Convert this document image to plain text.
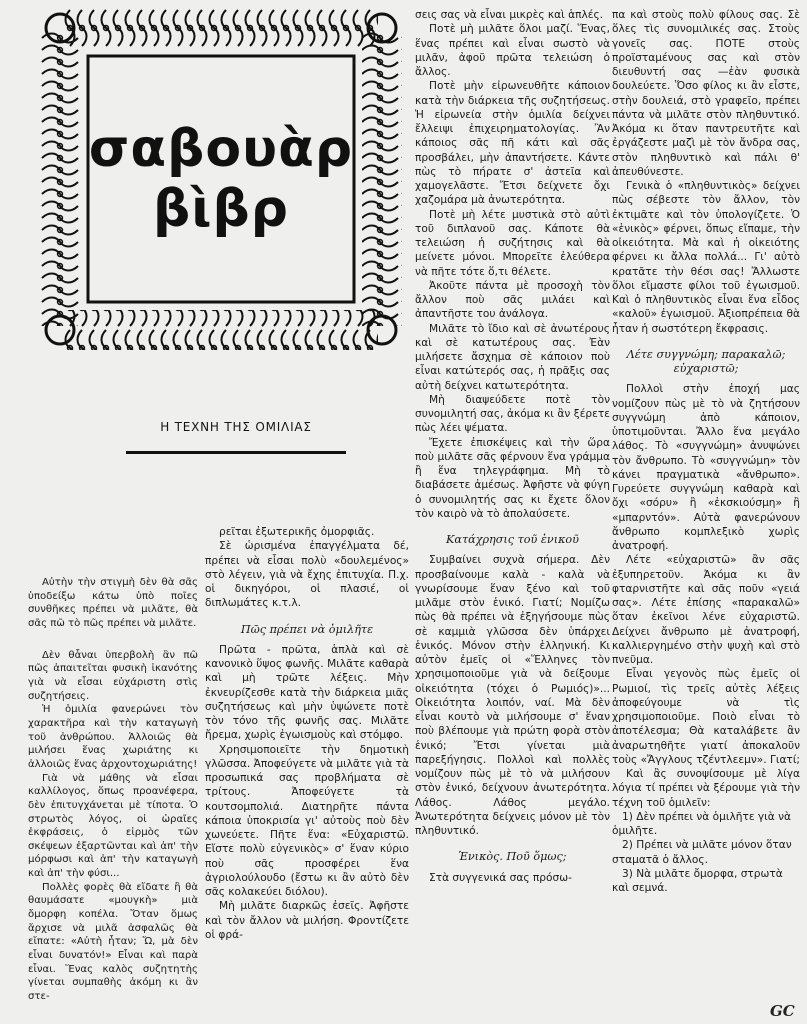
σαβουὰρ
βὶβρ
Η ΤΕΧΝΗ ΤΗΣ ΟΜΙΛΙΑΣ

Αὐτὴν τὴν στιγμὴ δὲν θὰ σᾶς ὑποδείξω κάτω ὑπὸ ποῖες συνθῆκες πρέπει νὰ μιλᾶτε, θὰ σᾶς πῶ τὸ πῶς πρέπει νὰ μιλᾶτε.

Δὲν θἆναι ὑπερβολὴ ἂν πῶ πῶς ἀπαιτεῖται φυσικὴ ἱκανότης γιὰ νὰ εἶσαι εὐχάριστη στὶς συζητήσεις.

Ἡ ὁμιλία φανερώνει τὸν χαρακτῆρα καὶ τὴν καταγωγὴ τοῦ ἀνθρώπου. Ἀλλοιῶς θὰ μιλήσει ἕνας χωριάτης κι ἀλλοιῶς ἕνας ἀρχοντοχωριάτης!

Γιὰ νὰ μάθης νὰ εἶσαι καλλίλογος, ὅπως προανέφερα, δὲν ἐπιτυγχάνεται μὲ τίποτα. Ὁ στρωτὸς λόγος, οἱ ὡραῖες ἐκφράσεις, ὁ εἱρμὸς τῶν σκέψεων ἐξαρτῶνται καὶ ἀπ' τὴν μόρφωσι καὶ ἀπ' τὴν καταγωγὴ καὶ ἀπ' τὴν φύσι...

Πολλὲς φορὲς θὰ εἴδατε ἢ θὰ θαυμάσατε «μουγκὴ» μιὰ ὄμορφη κοπέλα. Ὅταν ὅμως ἄρχισε νὰ μιλᾶ ἀσφαλῶς θὰ εἴπατε: «Αὐτὴ ἦταν; Ὤ, μὰ δὲν εἶναι δυνατόν!» Εἶναι καὶ παρὰ εἶναι. Ἕνας καλὸς συζητητὴς γίνεται συμπαθὴς ἀκόμη κι ἂν στε-

ρεῖται ἐξωτερικῆς ὀμορφιᾶς.

Σὲ ὡρισμένα ἐπαγγέλματα δέ, πρέπει νὰ εἶσαι πολὺ «δουλεμένος» στὸ λέγειν, γιὰ νὰ ἔχης ἐπιτυχία. Π.χ. οἱ δικηγόροι, οἱ πλασιέ, οἱ διπλωμάτες κ.τ.λ.

Πῶς πρέπει νὰ ὁμιλῆτε

Πρῶτα - πρῶτα, ἁπλὰ καὶ σὲ κανονικὸ ὕψος φωνῆς. Μιλᾶτε καθαρὰ καὶ μὴ τρῶτε λέξεις. Μὴν ἐκνευρίζεσθε κατὰ τὴν διάρκεια μιᾶς συζητήσεως καὶ μὴν ὑψώνετε ποτὲ τὸν τόνο τῆς φωνῆς σας. Μιλᾶτε ἤρεμα, χωρὶς ἐγωισμοὺς καὶ στόμφο.

Χρησιμοποιεῖτε τὴν δημοτικὴ γλῶσσα. Ἀποφεύγετε νὰ μιλᾶτε γιὰ τὰ προσωπικά σας προβλήματα σὲ τρίτους. Ἀποφεύγετε τὰ κουτσομπολιά. Διατηρῆτε πάντα κάποια ὑποκρισία γι' αὐτοὺς ποὺ δὲν χωνεύετε. Πῆτε ἕνα: «Εὐχαριστῶ. Εἴστε πολὺ εὐγενικὸς» σ' ἕναν κύριο ποὺ σᾶς προσφέρει ἕνα ἀγριολούλουδο (ἔστω κι ἂν αὐτὸ δὲν σᾶς κολακεύει διόλου).

Μὴ μιλᾶτε διαρκῶς ἐσεῖς. Ἀφῆστε καὶ τὸν ἄλλον νὰ μιλήση. Φροντίζετε οἱ φρά-

σεις σας νὰ εἶναι μικρὲς καὶ ἁπλές.

Ποτὲ μὴ μιλᾶτε ὅλοι μαζί. Ἕνας, ἕνας πρέπει καὶ εἶναι σωστὸ νὰ μιλᾶν, ἀφοῦ πρῶτα τελειώση ὁ ἄλλος.

Ποτὲ μὴν εἰρωνευθῆτε κάποιον κατὰ τὴν διάρκεια τῆς συζητήσεως. Ἡ εἰρωνεία στὴν ὁμιλία δείχνει ἔλλειψι ἐπιχειρηματολογίας. Ἂν κάποιος σᾶς πῆ κάτι καὶ σᾶς προσβάλει, μὴν ἀπαντήσετε. Κάντε πὼς τὸ πήρατε σ' ἀστεῖα καὶ χαμογελᾶστε. Ἔτσι δείχνετε ὄχι χαζομάρα μὰ ἀνωτερότητα.

Ποτὲ μὴ λέτε μυστικὰ στὸ αὐτὶ τοῦ διπλανοῦ σας. Κάποτε θὰ τελειώση ἡ συζήτησις καὶ θὰ μείνετε μόνοι. Μπορεῖτε ἐλεύθερα νὰ πῆτε τότε ὅ,τι θέλετε.

Ἀκοῦτε πάντα μὲ προσοχὴ τὸν ἄλλον ποὺ σᾶς μιλάει καὶ ἀπαντῆστε του ἀνάλογα.

Μιλᾶτε τὸ ἴδιο καὶ σὲ ἀνωτέρους καὶ σὲ κατωτέρους σας. Ἐὰν μιλήσετε ἄσχημα σὲ κάποιον ποὺ εἶναι κατώτερός σας, ἡ πρᾶξις σας αὐτὴ δείχνει κατωτερότητα.

Μὴ διαψεύδετε ποτὲ τὸν συνομιλητή σας, ἀκόμα κι ἂν ξέρετε πὼς λέει ψέματα.

Ἔχετε ἐπισκέψεις καὶ τὴν ὥρα ποὺ μιλᾶτε σᾶς φέρνουν ἕνα γράμμα ἢ ἕνα τηλεγράφημα. Μὴ τὸ διαβάσετε ἀμέσως. Ἀφῆστε νὰ φύγη ὁ συνομιλητής σας κι ἔχετε ὅλον τὸν καιρὸ νὰ τὸ ἀπολαύσετε.

Κατάχρησις τοῦ ἑνικοῦ

Συμβαίνει συχνὰ σήμερα. Δὲν προσβαίνουμε καλὰ - καλὰ νὰ γνωρίσουμε ἕναν ξένο καὶ τοῦ μιλᾶμε στὸν ἑνικό. Γιατί; Νομίζω πὼς θὰ πρέπει νὰ ἐξηγήσουμε πὼς σὲ καμμιὰ γλῶσσα δὲν ὑπάρχει ἑνικός. Μόνον στὴν ἑλληνική. Κι αὐτὸν ἐμεῖς οἱ «Ἕλληνες τὸν χρησιμοποιοῦμε γιὰ νὰ δείξουμε οἰκειότητα (τόχει ὁ Ρωμιός)»... Οἰκειότητα λοιπόν, ναί. Μὰ δὲν εἶναι κουτὸ νὰ μιλήσουμε σ' ἕναν ποὺ βλέπουμε γιὰ πρώτη φορὰ στὸν ἑνικό; Ἔτσι γίνεται μιὰ παρεξήγησις. Πολλοὶ καὶ πολλὲς νομίζουν πὼς μὲ τὸ νὰ μιλήσουν στὸν ἑνικό, δείχνουν ἀνωτερότητα. Λάθος. Λάθος μεγάλο. Ἀνωτερότητα δείχνεις μόνον μὲ τὸν πληθυντικό.

Ἑνικὸς. Ποῦ ὅμως;

Στὰ συγγενικά σας πρόσω-

πα καὶ στοὺς πολὺ φίλους σας. Σὲ ὅλες τὶς συνομιλικές σας. Στοὺς γονεῖς σας. ΠΟΤΕ στοὺς προϊσταμένους σας καὶ στὸν διευθυντή σας —ἐὰν φυσικὰ δουλεύετε. Ὅσο φίλος κι ἂν εἶστε, στὴν δουλειά, στὸ γραφεῖο, πρέπει πάντα νὰ μιλᾶτε στὸν πληθυντικό. Ἀκόμα κι ὅταν παντρευτῆτε καὶ ἐργάζεστε μαζὶ μὲ τὸν ἄνδρα σας, στὸν πληθυντικὸ καὶ πάλι θ' ἀπευθύνεστε.

Γενικὰ ὁ «πληθυντικὸς» δείχνει πὼς σέβεστε τὸν ἄλλον, τὸν ἐκτιμᾶτε καὶ τὸν ὑπολογίζετε. Ὁ «ἑνικὸς» φέρνει, ὅπως εἴπαμε, τὴν οἰκειότητα. Μὰ καὶ ἡ οἰκειότης φέρνει κι ἄλλα πολλά... Γι' αὐτὸ κρατᾶτε τὴν θέσι σας! Ἄλλωστε ὅλοι εἴμαστε φίλοι τοῦ ἐγωισμοῦ. Καὶ ὁ πληθυντικὸς εἶναι ἕνα εἶδος «καλοῦ» ἐγωισμοῦ. Ἀξιοπρέπεια θὰ ἦταν ἡ σωστότερη ἔκφρασις.

Λέτε συγγνώμη; παρακαλῶ; εὐχαριστῶ;

Πολλοὶ στὴν ἐποχή μας νομίζουν πὼς μὲ τὸ νὰ ζητήσουν συγγνώμη ἀπὸ κάποιον, ὑποτιμοῦνται. Ἄλλο ἕνα μεγάλο λάθος. Τὸ «συγγνώμη» ἀνυψώνει τὸν ἄνθρωπο. Τὸ «συγγνώμη» τὸν κάνει πραγματικὰ «ἄνθρωπο». Γυρεύετε συγγνώμη καθαρὰ καὶ ὄχι «σόρυ» ἢ «ἐκσκιούσμη» ἢ «μπαρντόν». Αὐτὰ φανερώνουν ἄνθρωπο κομπλεξικὸ χωρὶς ἀνατροφή.

Λέτε «εὐχαριστῶ» ἂν σᾶς ἐξυπηρετοῦν. Ἀκόμα κι ἂν φταρνιστῆτε καὶ σᾶς ποῦν «γειά σας». Λέτε ἐπίσης «παρακαλῶ» ὅταν ἐκεῖνοι λένε εὐχαριστῶ. Δείχνει ἄνθρωπο μὲ ἀνατροφή, καλλιεργημένο στὴν ψυχὴ καὶ στὸ πνεῦμα.

Εἶναι γεγονὸς πὼς ἐμεῖς οἱ Ρωμιοί, τὶς τρεῖς αὐτὲς λέξεις ἀποφεύγουμε νὰ τὶς χρησιμοποιοῦμε. Ποιὸ εἶναι τὸ ἀποτέλεσμα; Θὰ καταλάβετε ἂν ἀναρωτηθῆτε γιατί ἀποκαλοῦν τοὺς «Ἄγγλους τζέντλεεμν». Γιατί;

Καὶ ἂς συνοψίσουμε μὲ λίγα λόγια τί πρέπει νὰ ξέρουμε γιὰ τὴν τέχνη τοῦ ὁμιλεῖν:

1) Δὲν πρέπει νὰ ὁμιλῆτε γιὰ νὰ ὁμιλῆτε.

2) Πρέπει νὰ μιλᾶτε μόνον ὅταν σταματᾶ ὁ ἄλλος.

3) Νὰ μιλᾶτε ὄμορφα, στρωτὰ καὶ σεμνά.

GC
